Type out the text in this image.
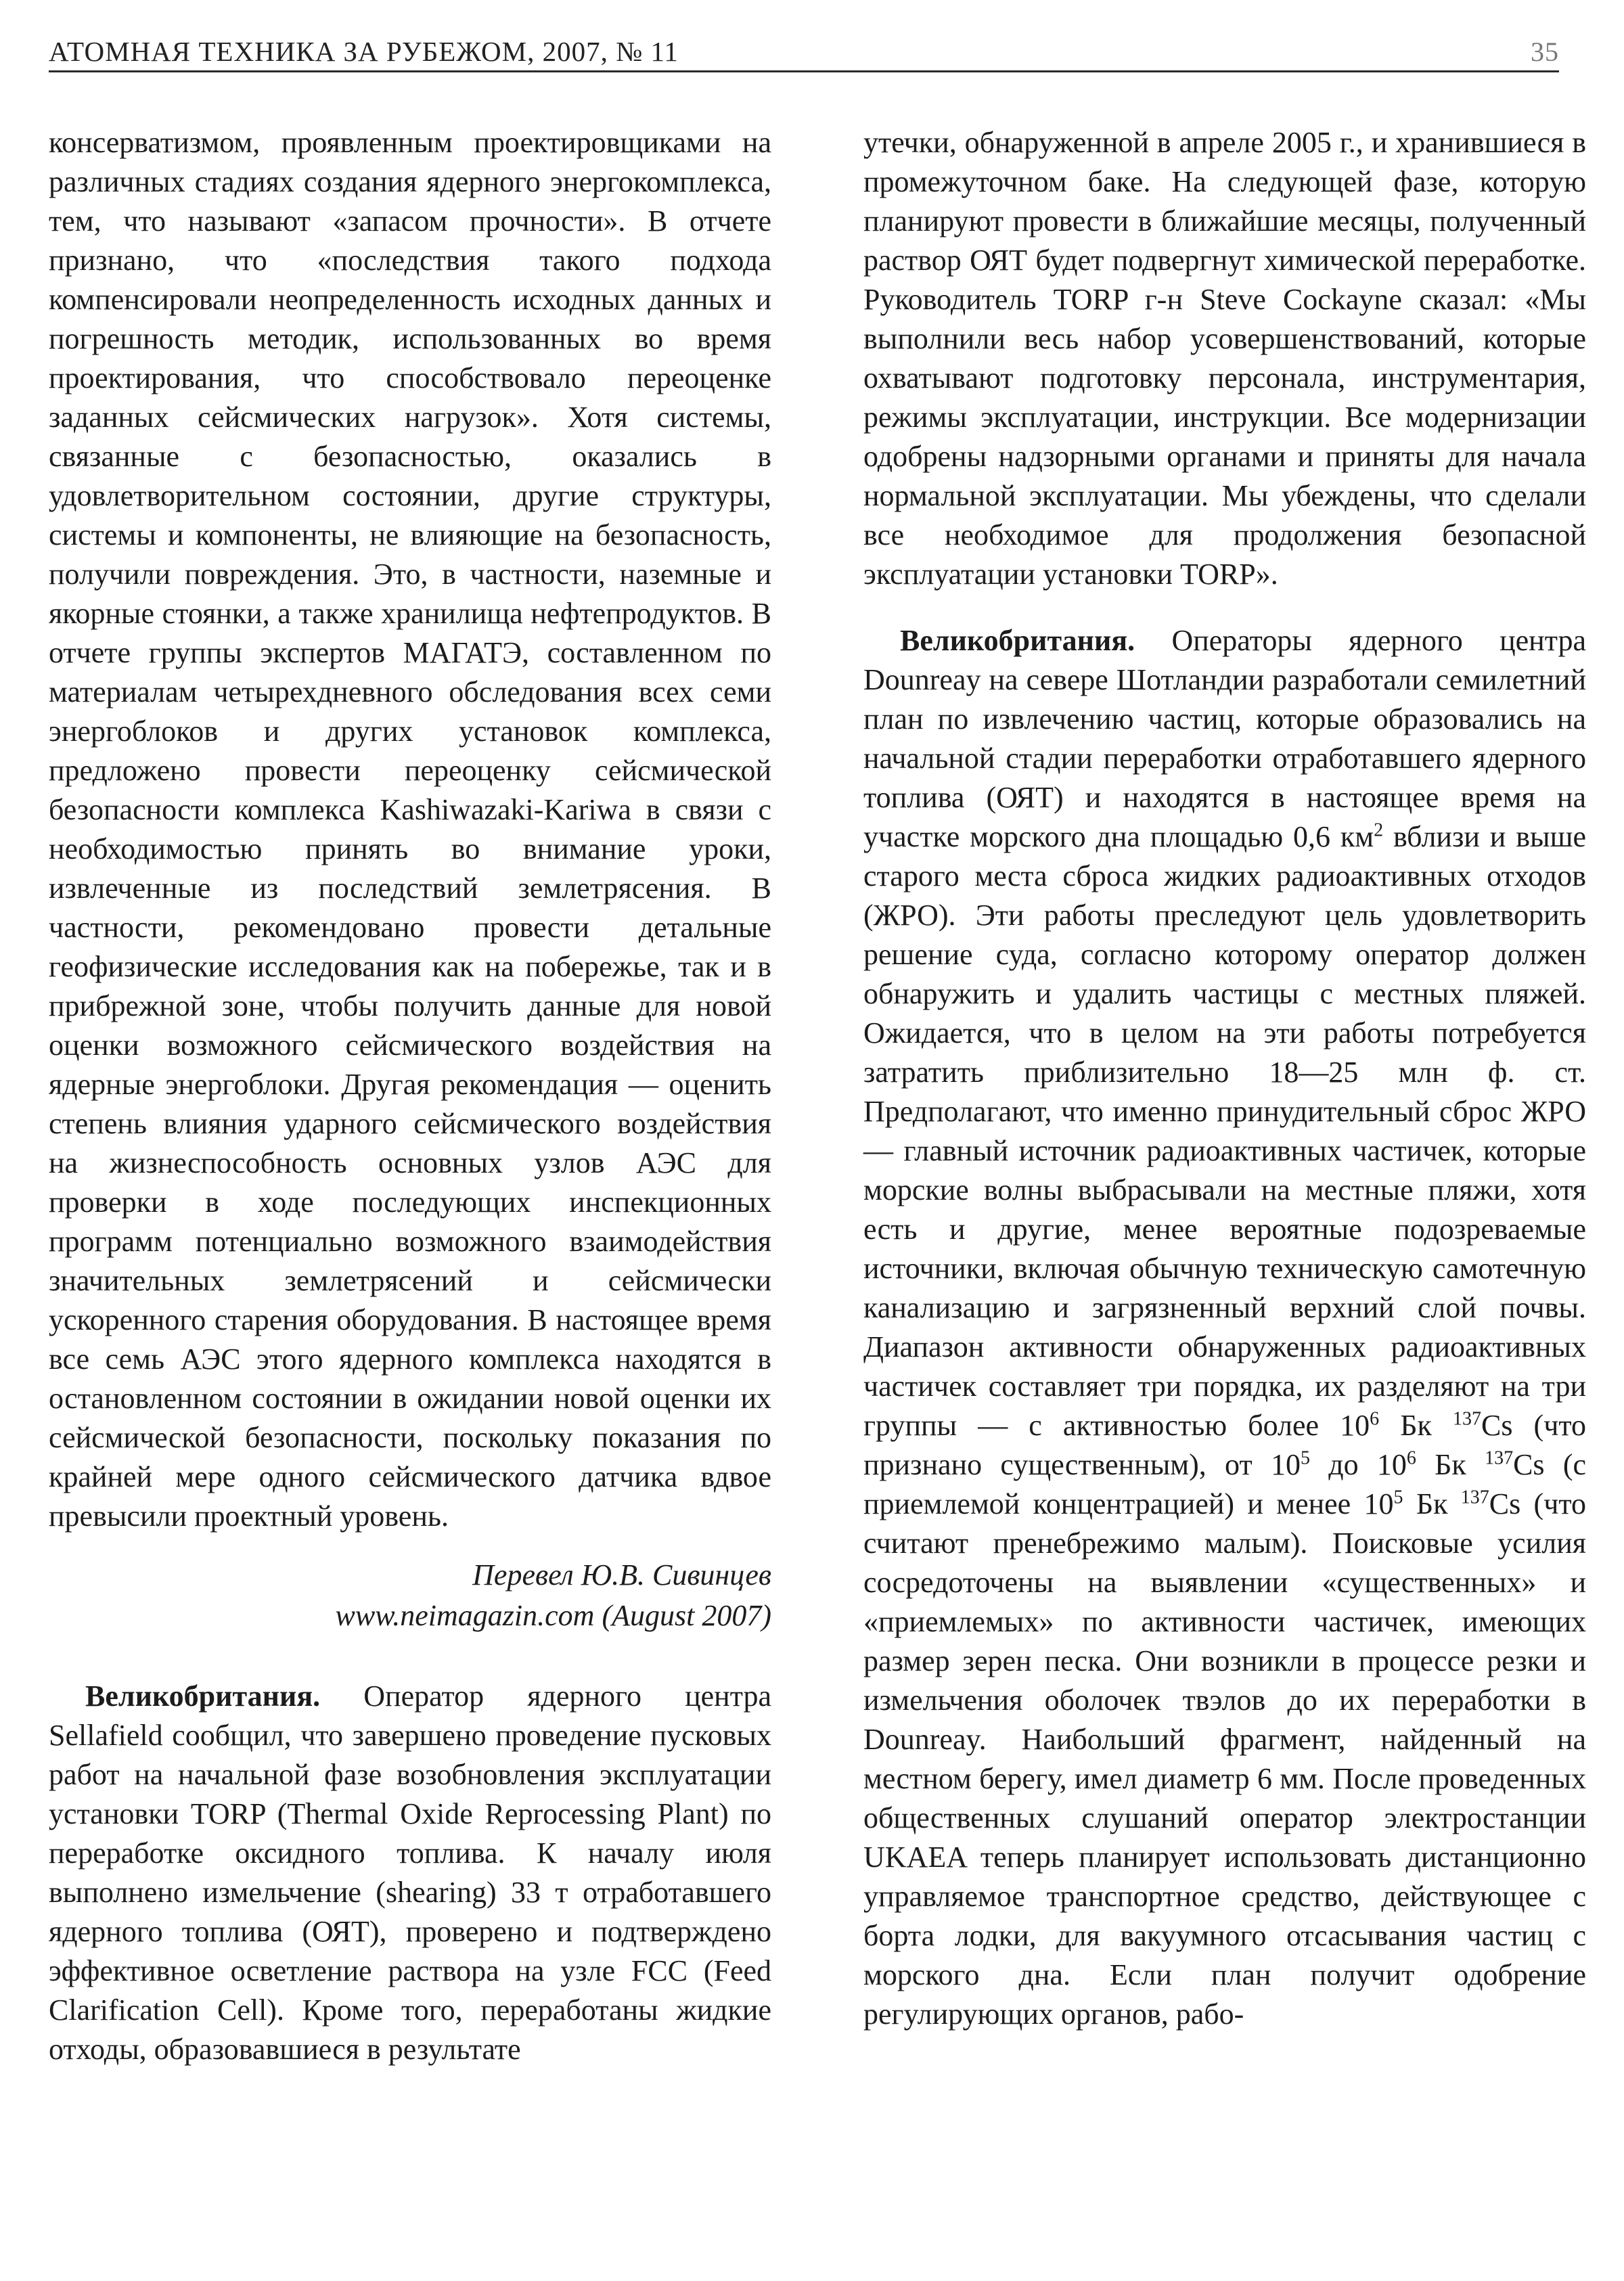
АТОМНАЯ ТЕХНИКА ЗА РУБЕЖОМ, 2007, № 11	35

консерватизмом, проявленным проектировщиками на различных стадиях создания ядерного энергокомплекса, тем, что называют «запасом прочности». В отчете признано, что «последствия такого подхода компенсировали неопределенность исходных данных и погрешность методик, использованных во время проектирования, что способствовало переоценке заданных сейсмических нагрузок». Хотя системы, связанные с безопасностью, оказались в удовлетворительном состоянии, другие структуры, системы и компоненты, не влияющие на безопасность, получили повреждения. Это, в частности, наземные и якорные стоянки, а также хранилища нефтепродуктов. В отчете группы экспертов МАГАТЭ, составленном по материалам четырехдневного обследования всех семи энергоблоков и других установок комплекса, предложено провести переоценку сейсмической безопасности комплекса Kashiwazaki-Kariwa в связи с необходимостью принять во внимание уроки, извлеченные из последствий землетрясения. В частности, рекомендовано провести детальные геофизические исследования как на побережье, так и в прибрежной зоне, чтобы получить данные для новой оценки возможного сейсмического воздействия на ядерные энергоблоки. Другая рекомендация — оценить степень влияния ударного сейсмического воздействия на жизнеспособность основных узлов АЭС для проверки в ходе последующих инспекционных программ потенциально возможного взаимодействия значительных землетрясений и сейсмически ускоренного старения оборудования. В настоящее время все семь АЭС этого ядерного комплекса находятся в остановленном состоянии в ожидании новой оценки их сейсмической безопасности, поскольку показания по крайней мере одного сейсмического датчика вдвое превысили проектный уровень.

Перевел Ю.В. Сивинцев
www.neimagazin.com (August 2007)

Великобритания. Оператор ядерного центра Sellafield сообщил, что завершено проведение пусковых работ на начальной фазе возобновления эксплуатации установки TORP (Thermal Oxide Reprocessing Plant) по переработке оксидного топлива. К началу июля выполнено измельчение (shearing) 33 т отработавшего ядерного топлива (ОЯТ), проверено и подтверждено эффективное осветление раствора на узле FCC (Feed Clarification Cell). Кроме того, переработаны жидкие отходы, образовавшиеся в результате

утечки, обнаруженной в апреле 2005 г., и хранившиеся в промежуточном баке. На следующей фазе, которую планируют провести в ближайшие месяцы, полученный раствор ОЯТ будет подвергнут химической переработке. Руководитель TORP г-н Steve Cockayne сказал: «Мы выполнили весь набор усовершенствований, которые охватывают подготовку персонала, инструментария, режимы эксплуатации, инструкции. Все модернизации одобрены надзорными органами и приняты для начала нормальной эксплуатации. Мы убеждены, что сделали все необходимое для продолжения безопасной эксплуатации установки TORP».

Великобритания. Операторы ядерного центра Dounreay на севере Шотландии разработали семилетний план по извлечению частиц, которые образовались на начальной стадии переработки отработавшего ядерного топлива (ОЯТ) и находятся в настоящее время на участке морского дна площадью 0,6 $км^2$ вблизи и выше старого места сброса жидких радиоактивных отходов (ЖРО). Эти работы преследуют цель удовлетворить решение суда, согласно которому оператор должен обнаружить и удалить частицы с местных пляжей. Ожидается, что в целом на эти работы потребуется затратить приблизительно 18—25 млн ф. ст. Предполагают, что именно принудительный сброс ЖРО — главный источник радиоактивных частичек, которые морские волны выбрасывали на местные пляжи, хотя есть и другие, менее вероятные подозреваемые источники, включая обычную техническую самотечную канализацию и загрязненный верхний слой почвы. Диапазон активности обнаруженных радиоактивных частичек составляет три порядка, их разделяют на три группы — с активностью более $10^6$ Бк $^{137}$Cs (что признано существенным), от $10^5$ до $10^6$ Бк $^{137}$Cs (с приемлемой концентрацией) и менее $10^5$ Бк $^{137}$Cs (что считают пренебрежимо малым). Поисковые усилия сосредоточены на выявлении «существенных» и «приемлемых» по активности частичек, имеющих размер зерен песка. Они возникли в процессе резки и измельчения оболочек твэлов до их переработки в Dounreay. Наибольший фрагмент, найденный на местном берегу, имел диаметр 6 мм. После проведенных общественных слушаний оператор электростанции UKAEA теперь планирует использовать дистанционно управляемое транспортное средство, действующее с борта лодки, для вакуумного отсасывания частиц с морского дна. Если план получит одобрение регулирующих органов, рабо-
